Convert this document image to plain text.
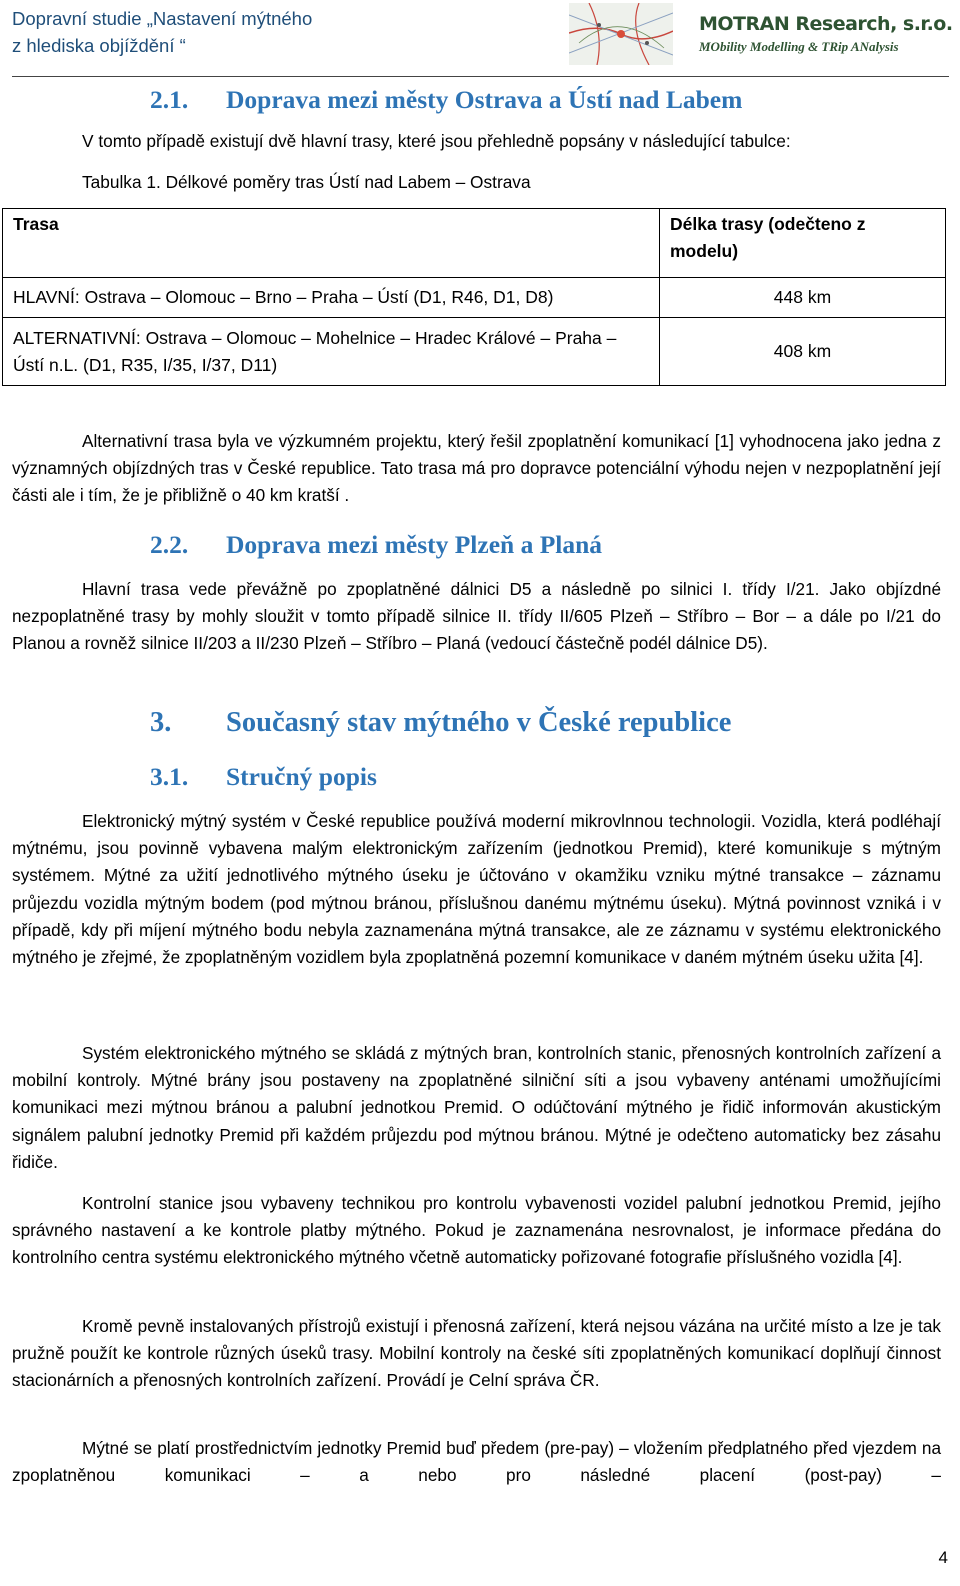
Dopravní studie „Nastavení mýtného
z hlediska objíždění “
MOTRAN Research, s.r.o.
MObility Modelling & TRip ANalysis
2.1. Doprava mezi městy Ostrava a Ústí nad Labem
V tomto případě existují dvě hlavní trasy, které jsou přehledně popsány v následující tabulce:
Tabulka 1. Délkové poměry tras Ústí nad Labem – Ostrava
Trasa	Délka trasy (odečteno z modelu)
HLAVNÍ: Ostrava – Olomouc – Brno – Praha – Ústí (D1, R46, D1, D8)	448 km
ALTERNATIVNÍ: Ostrava – Olomouc – Mohelnice – Hradec Králové – Praha – Ústí n.L. (D1, R35, I/35, I/37, D11)	408 km
Alternativní trasa byla ve výzkumném projektu, který řešil zpoplatnění komunikací [1] vyhodnocena jako jedna z významných objízdných tras v České republice. Tato trasa má pro dopravce potenciální výhodu nejen v nezpoplatnění její části ale i tím, že je přibližně o 40 km kratší .
2.2. Doprava mezi městy Plzeň a Planá
Hlavní trasa vede převážně po zpoplatněné dálnici D5 a následně po silnici I. třídy I/21. Jako objízdné nezpoplatněné trasy by mohly sloužit v tomto případě silnice II. třídy II/605 Plzeň – Stříbro – Bor – a dále po I/21 do Planou a rovněž silnice II/203 a II/230 Plzeň – Stříbro – Planá (vedoucí částečně podél dálnice D5).
3. Současný stav mýtného v České republice
3.1. Stručný popis
Elektronický mýtný systém v České republice používá moderní mikrovlnnou technologii. Vozidla, která podléhají mýtnému, jsou povinně vybavena malým elektronickým zařízením (jednotkou Premid), které komunikuje s mýtným systémem. Mýtné za užití jednotlivého mýtného úseku je účtováno v okamžiku vzniku mýtné transakce – záznamu průjezdu vozidla mýtným bodem (pod mýtnou bránou, příslušnou danému mýtnému úseku). Mýtná povinnost vzniká i v případě, kdy při míjení mýtného bodu nebyla zaznamenána mýtná transakce, ale ze záznamu v systému elektronického mýtného je zřejmé, že zpoplatněným vozidlem byla zpoplatněná pozemní komunikace v daném mýtném úseku užita [4].
Systém elektronického mýtného se skládá z mýtných bran, kontrolních stanic, přenosných kontrolních zařízení a mobilní kontroly. Mýtné brány jsou postaveny na zpoplatněné silniční síti a jsou vybaveny anténami umožňujícími komunikaci mezi mýtnou bránou a palubní jednotkou Premid. O odúčtování mýtného je řidič informován akustickým signálem palubní jednotky Premid při každém průjezdu pod mýtnou bránou. Mýtné je odečteno automaticky bez zásahu řidiče.
Kontrolní stanice jsou vybaveny technikou pro kontrolu vybavenosti vozidel palubní jednotkou Premid, jejího správného nastavení a ke kontrole platby mýtného. Pokud je zaznamenána nesrovnalost, je informace předána do kontrolního centra systému elektronického mýtného včetně automaticky pořizované fotografie příslušného vozidla [4].
Kromě pevně instalovaných přístrojů existují i přenosná zařízení, která nejsou vázána na určité místo a lze je tak pružně použít ke kontrole různých úseků trasy. Mobilní kontroly na české síti zpoplatněných komunikací doplňují činnost stacionárních a přenosných kontrolních zařízení. Provádí je Celní správa ČR.
Mýtné se platí prostřednictvím jednotky Premid buď předem (pre-pay) – vložením předplatného před vjezdem na zpoplatněnou komunikaci – a nebo pro následné placení (post-pay) –
4
